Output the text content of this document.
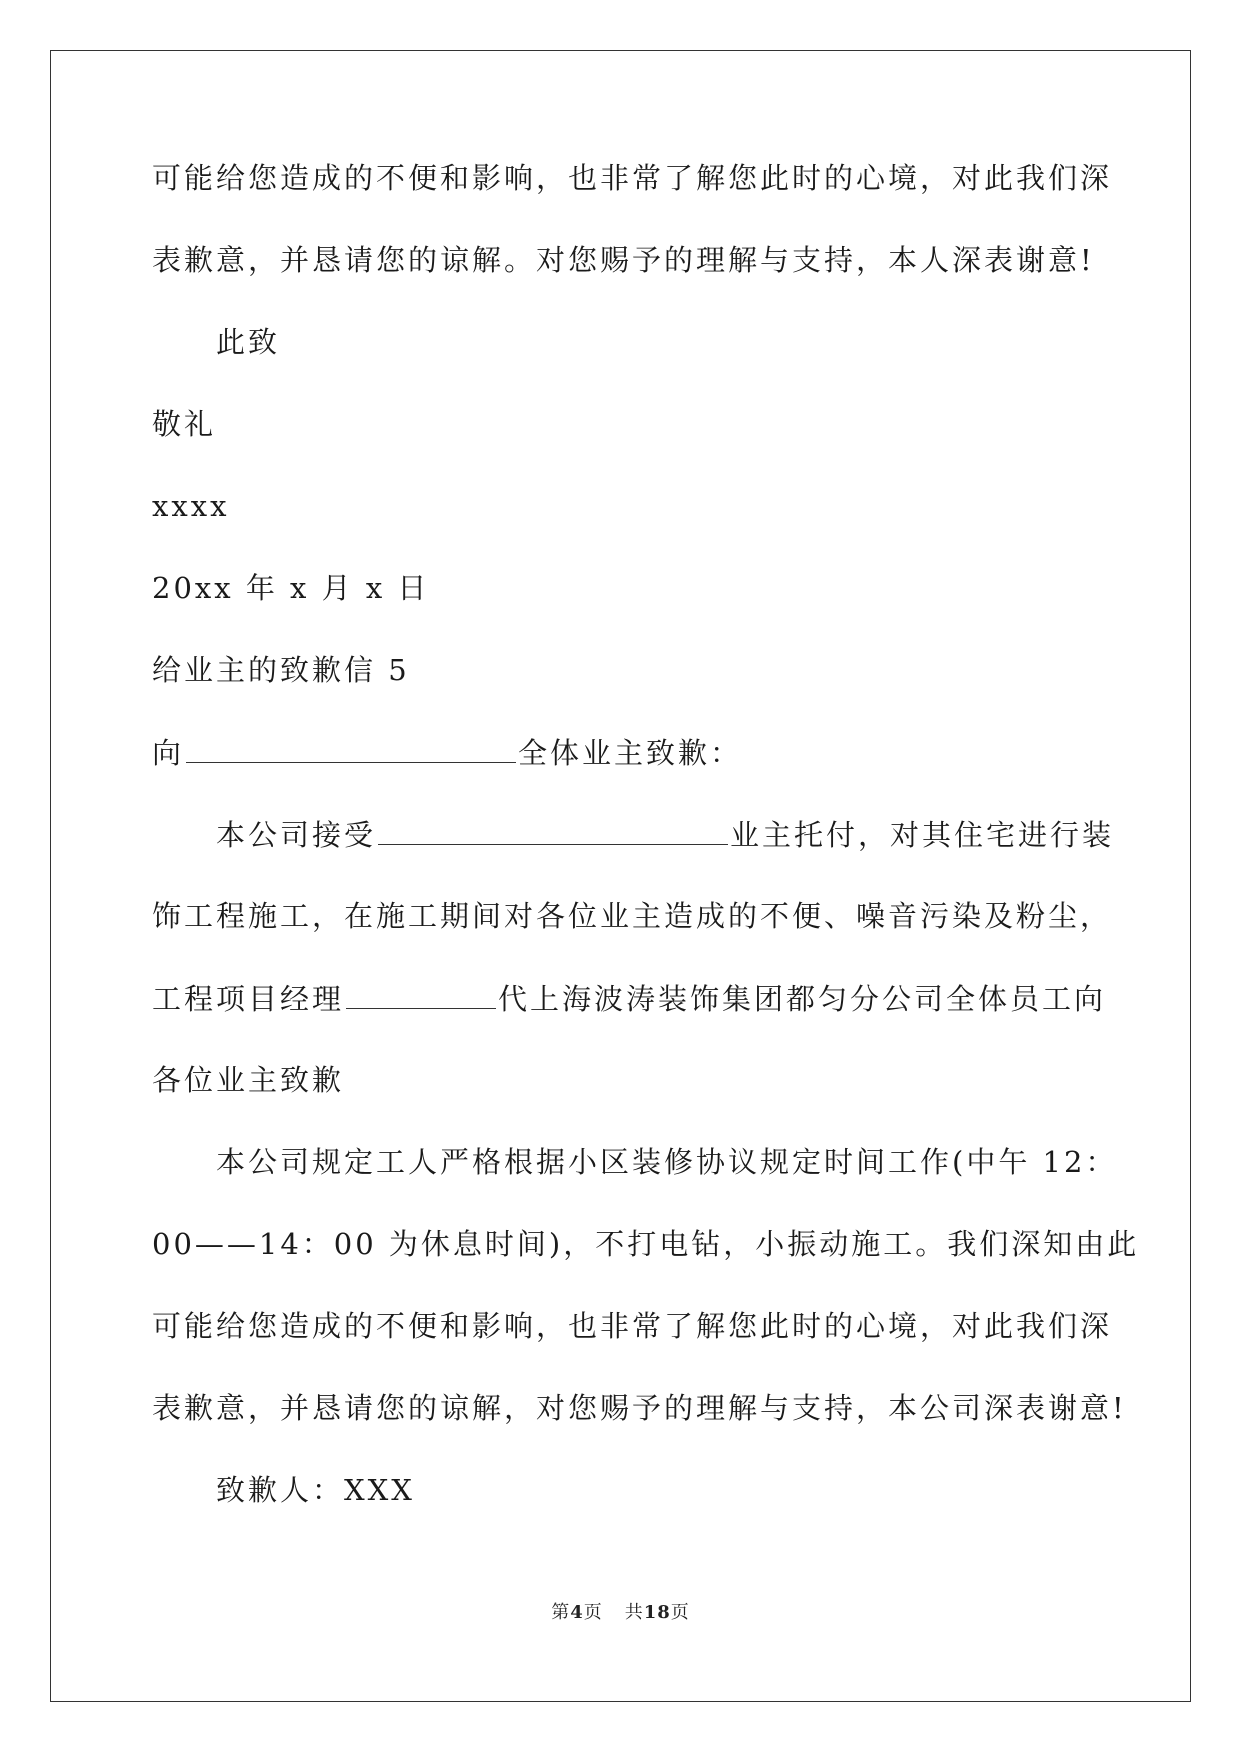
可能给您造成的不便和影响，也非常了解您此时的心境，对此我们深
表歉意，并恳请您的谅解。对您赐予的理解与支持，本人深表谢意!
此致
敬礼
xxxx
20xx 年 x 月 x 日
给业主的致歉信 5
向	全体业主致歉：
本公司接受	业主托付，对其住宅进行装
饰工程施工，在施工期间对各位业主造成的不便、噪音污染及粉尘，
工程项目经理	代上海波涛装饰集团都匀分公司全体员工向
各位业主致歉
本公司规定工人严格根据小区装修协议规定时间工作(中午 12：
00——14：00 为休息时间)，不打电钻，小振动施工。我们深知由此
可能给您造成的不便和影响，也非常了解您此时的心境，对此我们深
表歉意，并恳请您的谅解，对您赐予的理解与支持，本公司深表谢意!
致歉人：XXX
第4页 共18页
